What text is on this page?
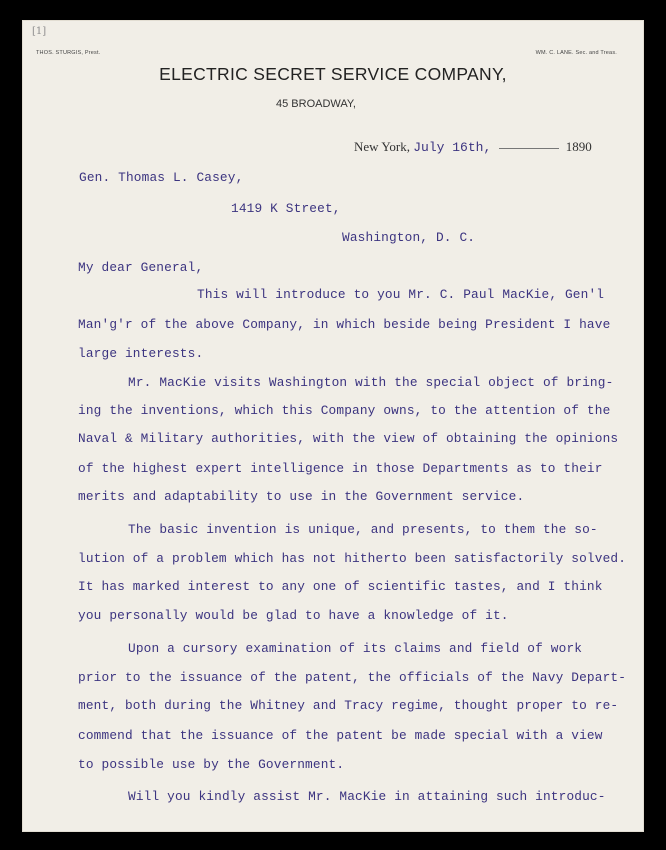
[1]
THOS. STURGIS, Prest.	WM. C. LANE. Sec. and Treas.
ELECTRIC SECRET SERVICE COMPANY,
45 BROADWAY,
New York, July 16th,	1890
Gen. Thomas L. Casey,
1419 K Street,
Washington, D. C.
My dear General,
This will introduce to you Mr. C. Paul MacKie, Gen'l
Man'g'r of the above Company, in which beside being President I have
large interests.
Mr. MacKie visits Washington with the special object of bring-
ing the inventions, which this Company owns, to the attention of the
Naval & Military authorities, with the view of obtaining the opinions
of the highest expert intelligence in those Departments as to their
merits and adaptability to use in the Government service.
The basic invention is unique, and presents, to them the so-
lution of a problem which has not hitherto been satisfactorily solved.
It has marked interest to any one of scientific tastes, and I think
you personally would be glad to have a knowledge of it.
Upon a cursory examination of its claims and field of work
prior to the issuance of the patent, the officials of the Navy Depart-
ment, both during the Whitney and Tracy regime, thought proper to re-
commend that the issuance of the patent be made special with a view
to possible use by the Government.
Will you kindly assist Mr. MacKie in attaining such introduc-
